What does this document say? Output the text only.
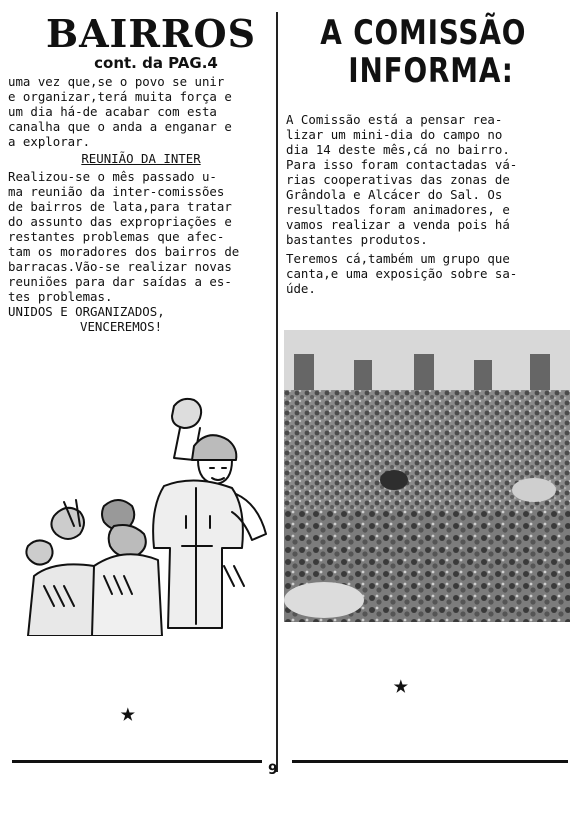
BAIRROS

cont. da PAG.4

uma vez que,se o povo se unir

e organizar,terá muita força e

um dia há-de acabar com esta

canalha que o anda a enganar e

a explorar.

REUNIÃO DA INTER

Realizou-se o mês passado u-

ma reunião da inter-comissões

de bairros de lata,para tratar

do assunto das expropriações e

restantes problemas que afec-

tam os moradores dos bairros de

barracas.Vão-se realizar novas

reuniões para dar saídas a es-

tes problemas.

UNIDOS E ORGANIZADOS,

VENCEREMOS!

★
A COMISSÃO
INFORMA:

A Comissão está a pensar rea-

lizar um mini-dia do campo no

dia 14 deste mês,cá no bairro.

Para isso foram contactadas vá-

rias cooperativas das zonas de

Grândola e Alcácer do Sal. Os

resultados foram animadores, e

vamos realizar a venda pois há

bastantes produtos.

Teremos cá,também um grupo que

canta,e uma exposição sobre sa-

úde.

★
9
